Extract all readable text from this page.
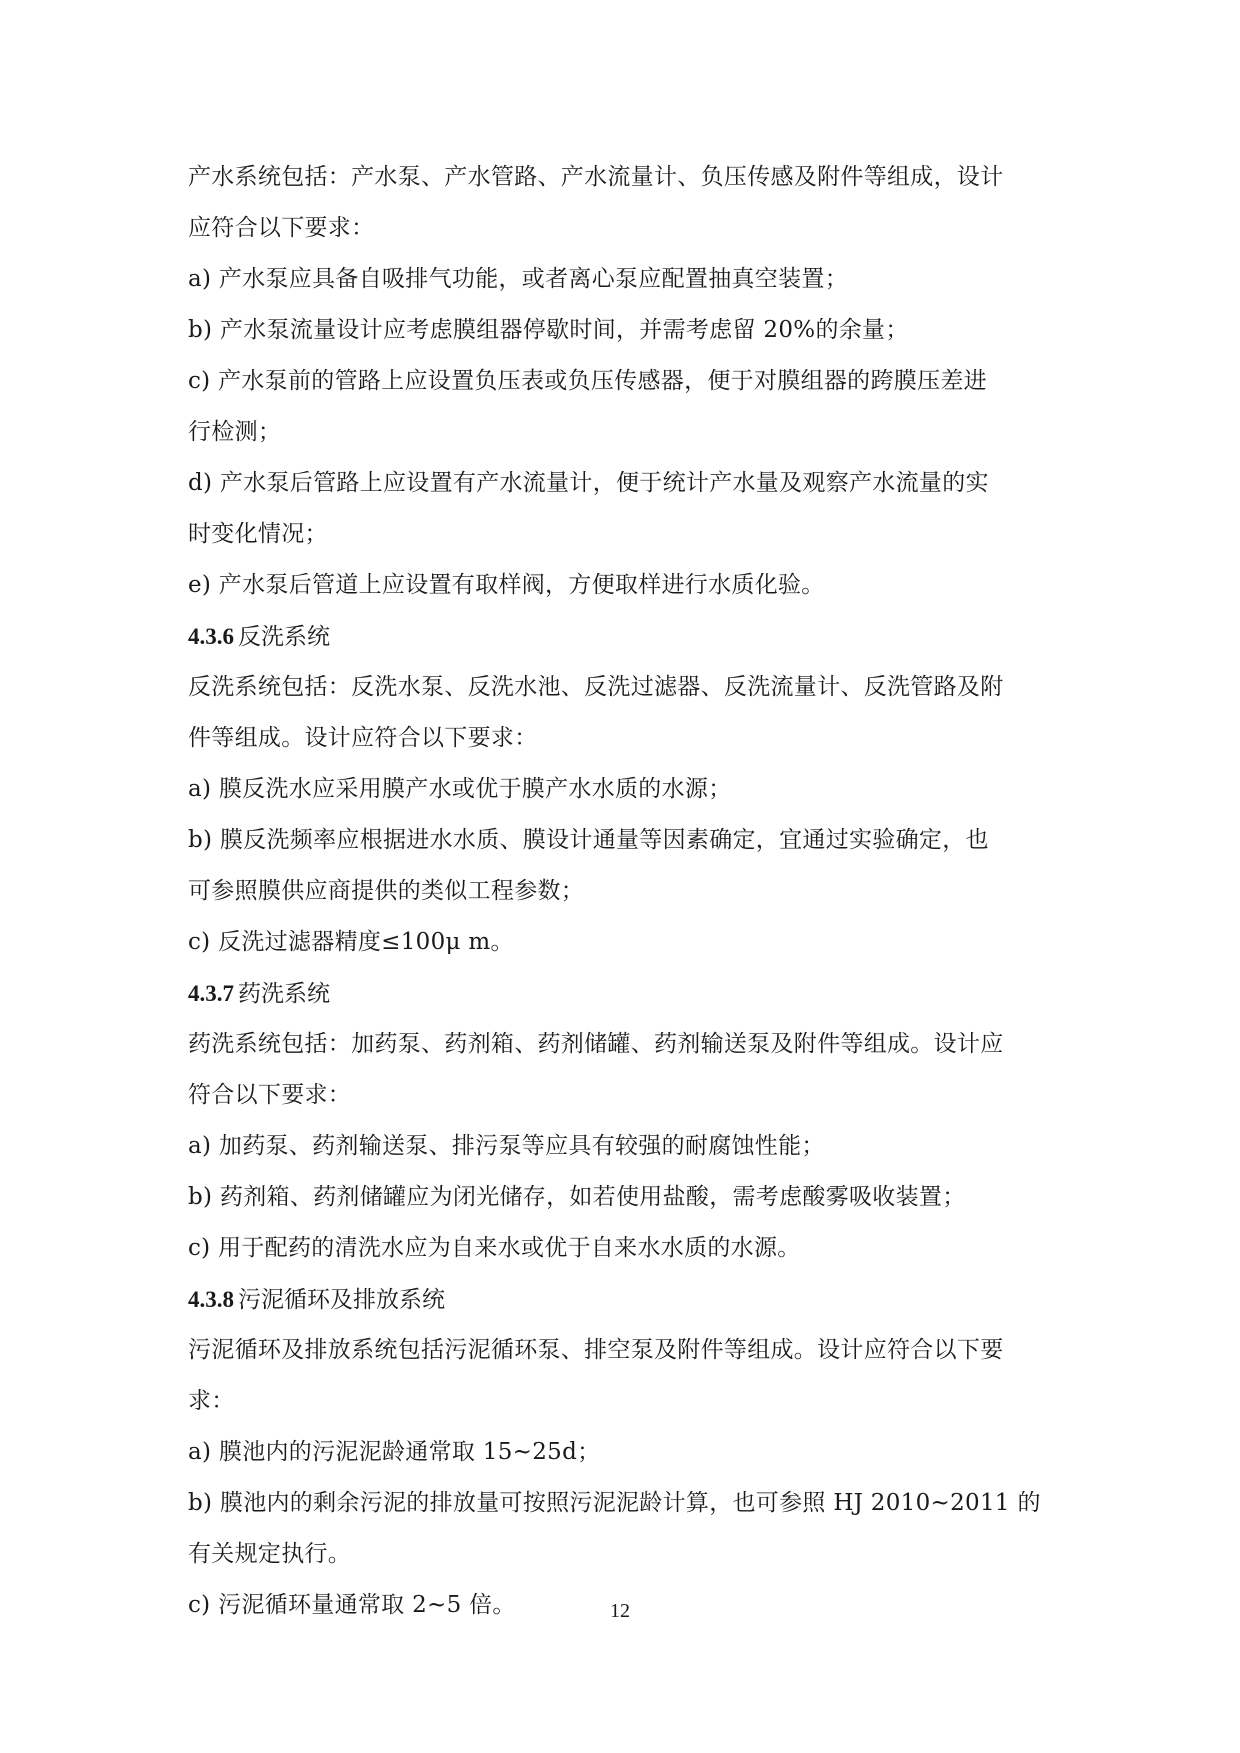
产水系统包括：产水泵、产水管路、产水流量计、负压传感及附件等组成，设计
应符合以下要求：
a) 产水泵应具备自吸排气功能，或者离心泵应配置抽真空装置；
b) 产水泵流量设计应考虑膜组器停歇时间，并需考虑留 20%的余量；
c) 产水泵前的管路上应设置负压表或负压传感器，便于对膜组器的跨膜压差进
行检测；
d) 产水泵后管路上应设置有产水流量计，便于统计产水量及观察产水流量的实
时变化情况；
e) 产水泵后管道上应设置有取样阀，方便取样进行水质化验。
4.3.6 反洗系统
反洗系统包括：反洗水泵、反洗水池、反洗过滤器、反洗流量计、反洗管路及附
件等组成。设计应符合以下要求：
a) 膜反洗水应采用膜产水或优于膜产水水质的水源；
b) 膜反洗频率应根据进水水质、膜设计通量等因素确定，宜通过实验确定，也
可参照膜供应商提供的类似工程参数；
c) 反洗过滤器精度≤100μ m。
4.3.7 药洗系统
药洗系统包括：加药泵、药剂箱、药剂储罐、药剂输送泵及附件等组成。设计应
符合以下要求：
a) 加药泵、药剂输送泵、排污泵等应具有较强的耐腐蚀性能；
b) 药剂箱、药剂储罐应为闭光储存，如若使用盐酸，需考虑酸雾吸收装置；
c) 用于配药的清洗水应为自来水或优于自来水水质的水源。
4.3.8 污泥循环及排放系统
污泥循环及排放系统包括污泥循环泵、排空泵及附件等组成。设计应符合以下要
求：
a) 膜池内的污泥泥龄通常取 15~25d；
b) 膜池内的剩余污泥的排放量可按照污泥泥龄计算，也可参照 HJ 2010~2011 的
有关规定执行。
c) 污泥循环量通常取 2~5 倍。	12
